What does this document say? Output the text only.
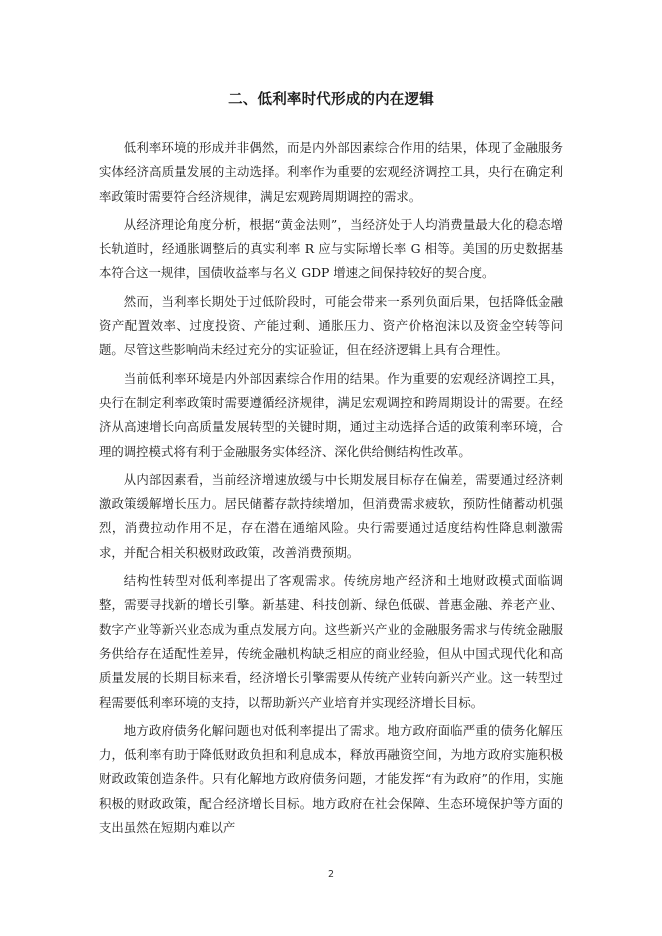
二、低利率时代形成的内在逻辑

低利率环境的形成并非偶然，而是内外部因素综合作用的结果，体现了金融服务实体经济高质量发展的主动选择。利率作为重要的宏观经济调控工具，央行在确定利率政策时需要符合经济规律，满足宏观跨周期调控的需求。

从经济理论角度分析，根据“黄金法则”，当经济处于人均消费量最大化的稳态增长轨道时，经通胀调整后的真实利率 R 应与实际增长率 G 相等。美国的历史数据基本符合这一规律，国债收益率与名义 GDP 增速之间保持较好的契合度。

然而，当利率长期处于过低阶段时，可能会带来一系列负面后果，包括降低金融资产配置效率、过度投资、产能过剩、通胀压力、资产价格泡沫以及资金空转等问题。尽管这些影响尚未经过充分的实证验证，但在经济逻辑上具有合理性。

当前低利率环境是内外部因素综合作用的结果。作为重要的宏观经济调控工具，央行在制定利率政策时需要遵循经济规律，满足宏观调控和跨周期设计的需要。在经济从高速增长向高质量发展转型的关键时期，通过主动选择合适的政策利率环境，合理的调控模式将有利于金融服务实体经济、深化供给侧结构性改革。

从内部因素看，当前经济增速放缓与中长期发展目标存在偏差，需要通过经济刺激政策缓解增长压力。居民储蓄存款持续增加，但消费需求疲软，预防性储蓄动机强烈，消费拉动作用不足，存在潜在通缩风险。央行需要通过适度结构性降息刺激需求，并配合相关积极财政政策，改善消费预期。

结构性转型对低利率提出了客观需求。传统房地产经济和土地财政模式面临调整，需要寻找新的增长引擎。新基建、科技创新、绿色低碳、普惠金融、养老产业、数字产业等新兴业态成为重点发展方向。这些新兴产业的金融服务需求与传统金融服务供给存在适配性差异，传统金融机构缺乏相应的商业经验，但从中国式现代化和高质量发展的长期目标来看，经济增长引擎需要从传统产业转向新兴产业。这一转型过程需要低利率环境的支持，以帮助新兴产业培育并实现经济增长目标。

地方政府债务化解问题也对低利率提出了需求。地方政府面临严重的债务化解压力，低利率有助于降低财政负担和利息成本，释放再融资空间，为地方政府实施积极财政政策创造条件。只有化解地方政府债务问题，才能发挥“有为政府”的作用，实施积极的财政政策，配合经济增长目标。地方政府在社会保障、生态环境保护等方面的支出虽然在短期内难以产

2
